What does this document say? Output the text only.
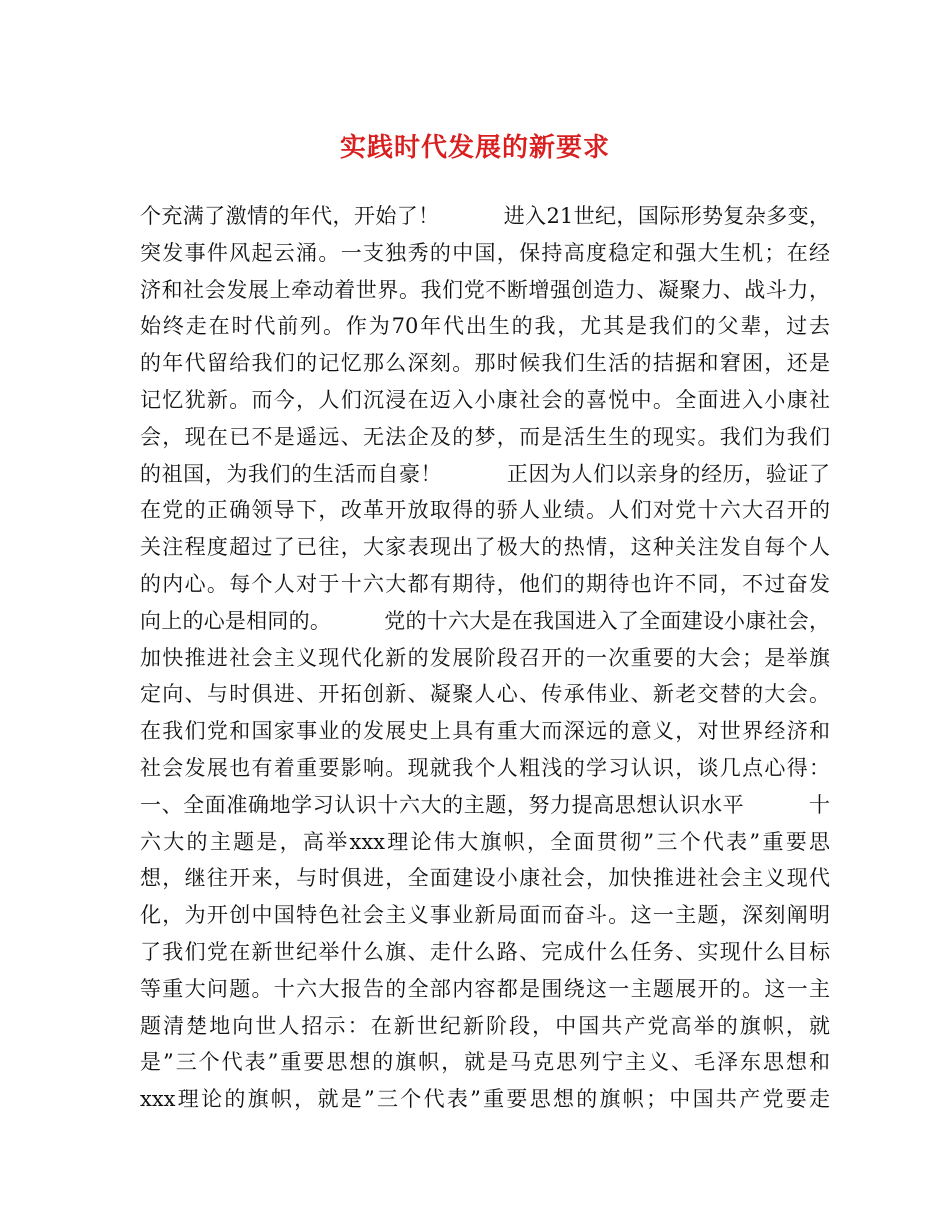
实践时代发展的新要求
个充满了激情的年代，开始了！　　　进入21世纪，国际形势复杂多变，
突发事件风起云涌。一支独秀的中国，保持高度稳定和强大生机；在经
济和社会发展上牵动着世界。我们党不断增强创造力、凝聚力、战斗力，
始终走在时代前列。作为70年代出生的我，尤其是我们的父辈，过去
的年代留给我们的记忆那么深刻。那时候我们生活的拮据和窘困，还是
记忆犹新。而今，人们沉浸在迈入小康社会的喜悦中。全面进入小康社
会，现在已不是遥远、无法企及的梦，而是活生生的现实。我们为我们
的祖国，为我们的生活而自豪！　　　正因为人们以亲身的经历，验证了
在党的正确领导下，改革开放取得的骄人业绩。人们对党十六大召开的
关注程度超过了已往，大家表现出了极大的热情，这种关注发自每个人
的内心。每个人对于十六大都有期待，他们的期待也许不同，不过奋发
向上的心是相同的。　　　党的十六大是在我国进入了全面建设小康社会，
加快推进社会主义现代化新的发展阶段召开的一次重要的大会；是举旗
定向、与时俱进、开拓创新、凝聚人心、传承伟业、新老交替的大会。
在我们党和国家事业的发展史上具有重大而深远的意义，对世界经济和
社会发展也有着重要影响。现就我个人粗浅的学习认识，谈几点心得：
一、全面准确地学习认识十六大的主题，努力提高思想认识水平　　　十
六大的主题是，高举xxx理论伟大旗帜，全面贯彻”三个代表”重要思
想，继往开来，与时俱进，全面建设小康社会，加快推进社会主义现代
化，为开创中国特色社会主义事业新局面而奋斗。这一主题，深刻阐明
了我们党在新世纪举什么旗、走什么路、完成什么任务、实现什么目标
等重大问题。十六大报告的全部内容都是围绕这一主题展开的。这一主
题清楚地向世人招示：在新世纪新阶段，中国共产党高举的旗帜，就
是”三个代表”重要思想的旗帜，就是马克思列宁主义、毛泽东思想和
xxx理论的旗帜，就是”三个代表”重要思想的旗帜；中国共产党要走
